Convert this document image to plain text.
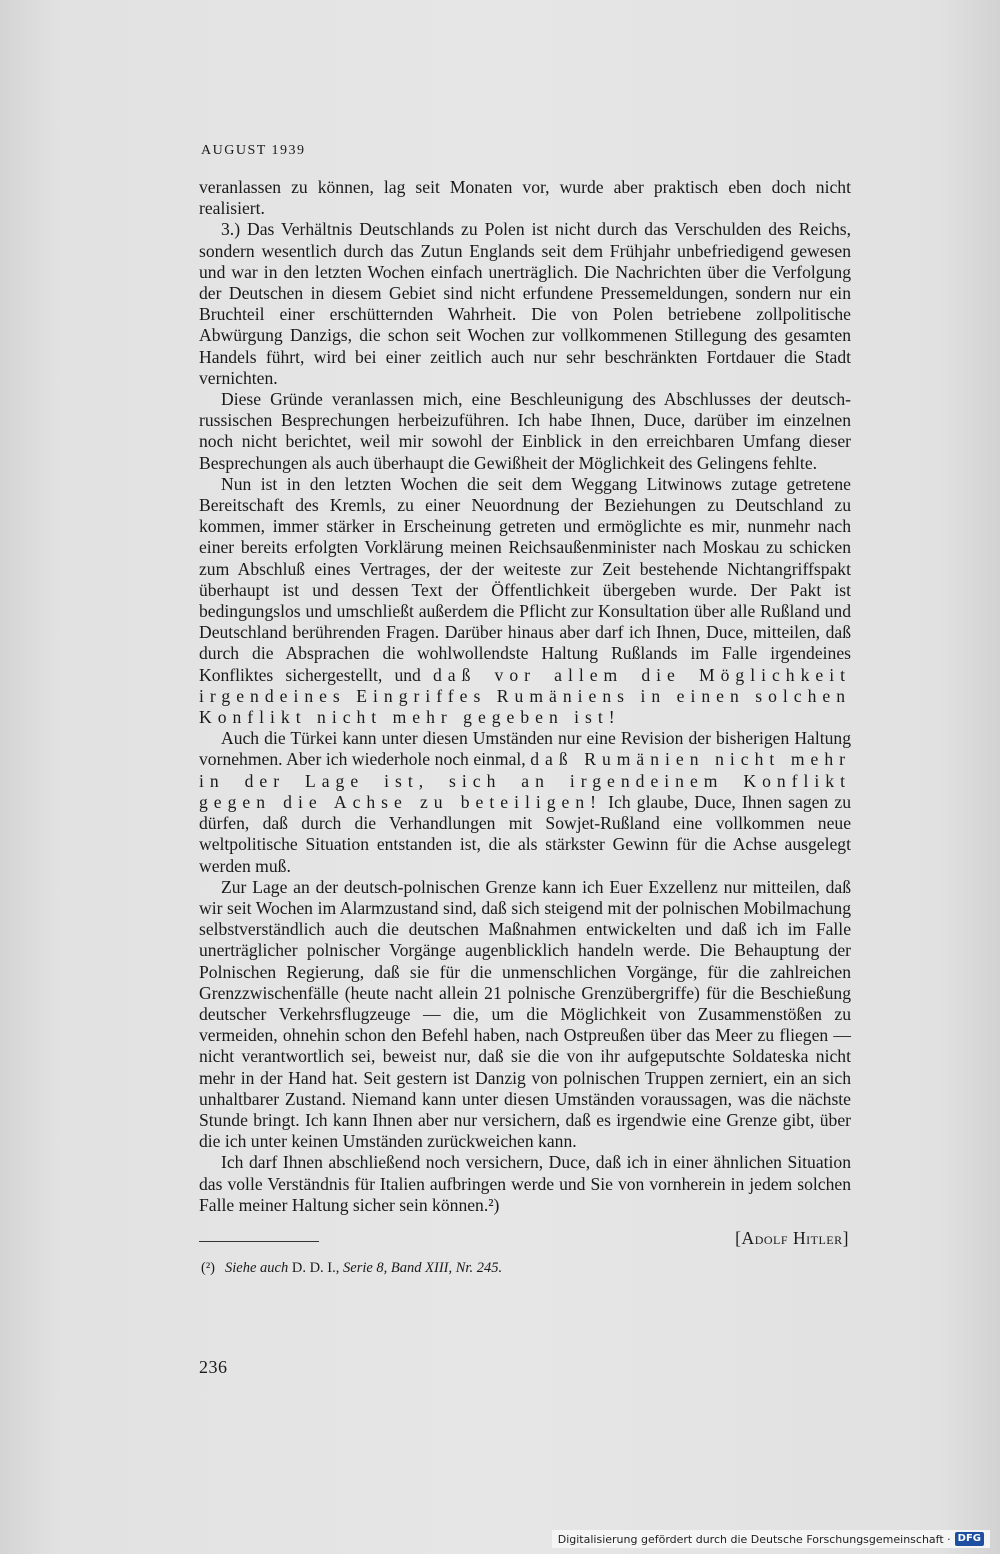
AUGUST 1939

veranlassen zu können, lag seit Monaten vor, wurde aber praktisch eben doch nicht realisiert.

3.) Das Verhältnis Deutschlands zu Polen ist nicht durch das Verschulden des Reichs, sondern wesentlich durch das Zutun Englands seit dem Frühjahr unbefriedigend gewesen und war in den letzten Wochen einfach unerträglich. Die Nachrichten über die Verfolgung der Deutschen in diesem Gebiet sind nicht erfundene Pressemeldungen, sondern nur ein Bruchteil einer erschütternden Wahrheit. Die von Polen betriebene zollpolitische Abwürgung Danzigs, die schon seit Wochen zur vollkommenen Stillegung des gesamten Handels führt, wird bei einer zeitlich auch nur sehr beschränkten Fortdauer die Stadt vernichten.

Diese Gründe veranlassen mich, eine Beschleunigung des Abschlusses der deutsch-russischen Besprechungen herbeizuführen. Ich habe Ihnen, Duce, darüber im einzelnen noch nicht berichtet, weil mir sowohl der Einblick in den erreichbaren Umfang dieser Besprechungen als auch überhaupt die Gewißheit der Möglichkeit des Gelingens fehlte.

Nun ist in den letzten Wochen die seit dem Weggang Litwinows zutage getretene Bereitschaft des Kremls, zu einer Neuordnung der Beziehungen zu Deutschland zu kommen, immer stärker in Erscheinung getreten und ermöglichte es mir, nunmehr nach einer bereits erfolgten Vorklärung meinen Reichsaußenminister nach Moskau zu schicken zum Abschluß eines Vertrages, der der weiteste zur Zeit bestehende Nichtangriffspakt überhaupt ist und dessen Text der Öffentlichkeit übergeben wurde. Der Pakt ist bedingungslos und umschließt außerdem die Pflicht zur Konsultation über alle Rußland und Deutschland berührenden Fragen. Darüber hinaus aber darf ich Ihnen, Duce, mitteilen, daß durch die Absprachen die wohlwollendste Haltung Rußlands im Falle irgendeines Konfliktes sichergestellt, und daß vor allem die Möglichkeit irgendeines Eingriffes Rumäniens in einen solchen Konflikt nicht mehr gegeben ist!

Auch die Türkei kann unter diesen Umständen nur eine Revision der bisherigen Haltung vornehmen. Aber ich wiederhole noch einmal, daß Rumänien nicht mehr in der Lage ist, sich an irgendeinem Konflikt gegen die Achse zu beteiligen! Ich glaube, Duce, Ihnen sagen zu dürfen, daß durch die Verhandlungen mit Sowjet-Rußland eine vollkommen neue weltpolitische Situation entstanden ist, die als stärkster Gewinn für die Achse ausgelegt werden muß.

Zur Lage an der deutsch-polnischen Grenze kann ich Euer Exzellenz nur mitteilen, daß wir seit Wochen im Alarmzustand sind, daß sich steigend mit der polnischen Mobilmachung selbstverständlich auch die deutschen Maßnahmen entwickelten und daß ich im Falle unerträglicher polnischer Vorgänge augenblicklich handeln werde. Die Behauptung der Polnischen Regierung, daß sie für die unmenschlichen Vorgänge, für die zahlreichen Grenzzwischenfälle (heute nacht allein 21 polnische Grenzübergriffe) für die Beschießung deutscher Verkehrsflugzeuge — die, um die Möglichkeit von Zusammenstößen zu vermeiden, ohnehin schon den Befehl haben, nach Ostpreußen über das Meer zu fliegen — nicht verantwortlich sei, beweist nur, daß sie die von ihr aufgeputschte Soldateska nicht mehr in der Hand hat. Seit gestern ist Danzig von polnischen Truppen zerniert, ein an sich unhaltbarer Zustand. Niemand kann unter diesen Umständen voraussagen, was die nächste Stunde bringt. Ich kann Ihnen aber nur versichern, daß es irgendwie eine Grenze gibt, über die ich unter keinen Umständen zurückweichen kann.

Ich darf Ihnen abschließend noch versichern, Duce, daß ich in einer ähnlichen Situation das volle Verständnis für Italien aufbringen werde und Sie von vornherein in jedem solchen Falle meiner Haltung sicher sein können.²)

[Adolf Hitler]
(²) Siehe auch D. D. I., Serie 8, Band XIII, Nr. 245.
236
Digitalisierung gefördert durch die Deutsche Forschungsgemeinschaft · DFG
